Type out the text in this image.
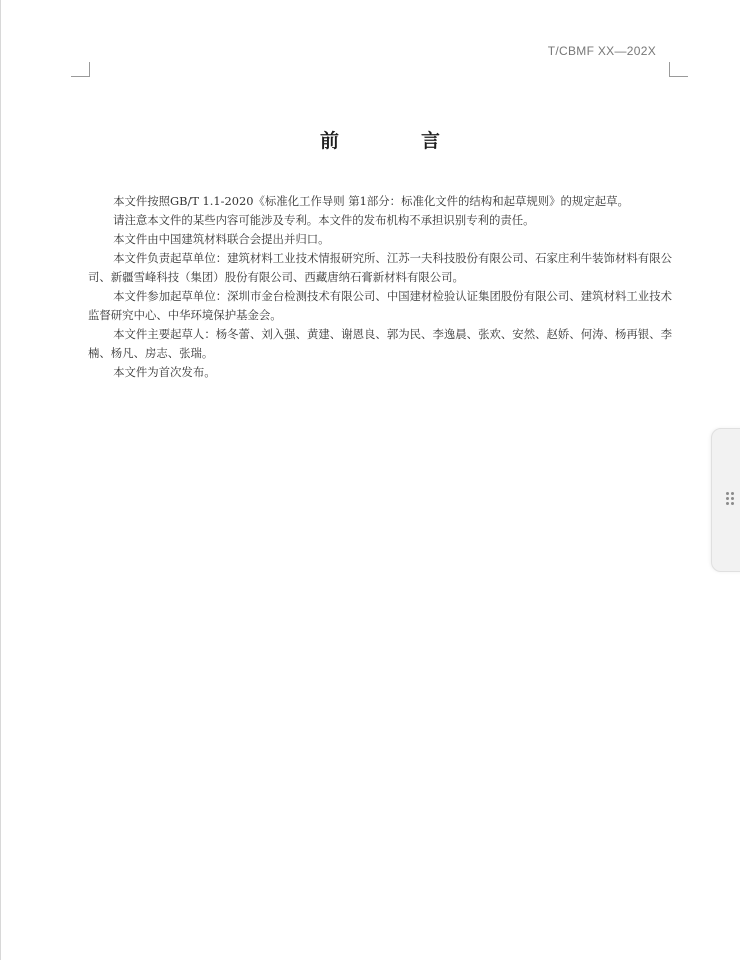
T/CBMF XX—202X
前	言

本文件按照GB/T 1.1-2020《标准化工作导则 第1部分：标准化文件的结构和起草规则》的规定起草。

请注意本文件的某些内容可能涉及专利。本文件的发布机构不承担识别专利的责任。

本文件由中国建筑材料联合会提出并归口。

本文件负责起草单位：建筑材料工业技术情报研究所、江苏一夫科技股份有限公司、石家庄利牛装饰材料有限公司、新疆雪峰科技（集团）股份有限公司、西藏唐纳石膏新材料有限公司。

本文件参加起草单位：深圳市金台检测技术有限公司、中国建材检验认证集团股份有限公司、建筑材料工业技术监督研究中心、中华环境保护基金会。

本文件主要起草人：杨冬蕾、刘入强、黄建、谢恩良、郭为民、李逸晨、张欢、安然、赵娇、何涛、杨再银、李楠、杨凡、房志、张瑞。

本文件为首次发布。
